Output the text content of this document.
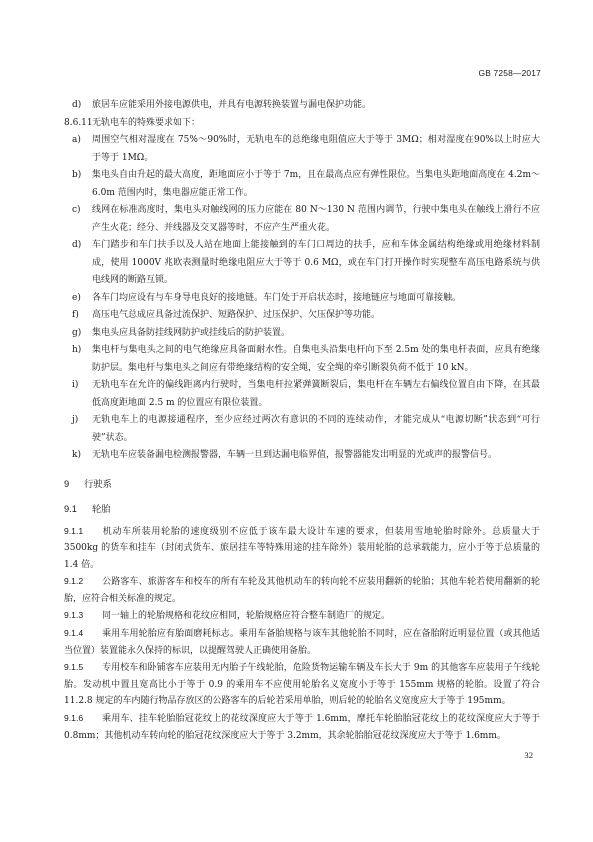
GB 7258—2017
d) 旅居车应能采用外接电源供电，并具有电源转换装置与漏电保护功能。
8.6.11 无轨电车的特殊要求如下：
a) 周围空气相对湿度在 75%～90%时，无轨电车的总绝缘电阻值应大于等于 3MΩ；相对湿度在90%以上时应大于等于 1MΩ。
b) 集电头自由升起的最大高度，距地面应小于等于 7m，且在最高点应有弹性限位。当集电头距地面高度在 4.2m～6.0m 范围内时，集电器应能正常工作。
c) 线网在标准高度时，集电头对触线网的压力应能在 80 N～130 N 范围内调节，行驶中集电头在触线上滑行不应产生火花；经分、并线器及交叉器等时，不应产生严重火花。
d) 车门踏步和车门扶手以及人站在地面上能接触到的车门口周边的扶手，应和车体金属结构绝缘或用绝缘材料制成，使用 1000V 兆欧表测量时绝缘电阻应大于等于 0.6 MΩ，或在车门打开操作时实现整车高压电路系统与供电线网的断路互锁。
e) 各车门均应设有与车身导电良好的接地链。车门处于开启状态时，接地链应与地面可靠接触。
f) 高压电气总成应具备过流保护、短路保护、过压保护、欠压保护等功能。
g) 集电头应具备防挂线网防护或挂线后的防护装置。
h) 集电杆与集电头之间的电气绝缘应具备面耐水性。自集电头沿集电杆向下至 2.5m 处的集电杆表面，应具有绝缘防护层。集电杆与集电头之间应有带绝缘结构的安全绳，安全绳的牵引断裂负荷不低于 10 kN。
i) 无轨电车在允许的偏线距离内行驶时，当集电杆拉紧弹簧断裂后，集电杆在车辆左右偏线位置自由下降，在其最低高度距地面 2.5 m 的位置应有限位装置。
j) 无轨电车上的电源接通程序，至少应经过两次有意识的不同的连续动作，才能完成从“电源切断”状态到“可行驶”状态。
k) 无轨电车应装备漏电检测报警器，车辆一旦到达漏电临界值，报警器能发出明显的光或声的报警信号。
9 行驶系
9.1 轮胎
9.1.1 机动车所装用轮胎的速度级别不应低于该车最大设计车速的要求，但装用雪地轮胎时除外。总质量大于 3500kg 的货车和挂车（封闭式货车、旅居挂车等特殊用途的挂车除外）装用轮胎的总承载能力，应小于等于总质量的 1.4 倍。
9.1.2 公路客车、旅游客车和校车的所有车轮及其他机动车的转向轮不应装用翻新的轮胎；其他车轮若使用翻新的轮胎，应符合相关标准的规定。
9.1.3 同一轴上的轮胎规格和花纹应相同，轮胎规格应符合整车制造厂的规定。
9.1.4 乘用车用轮胎应有胎面磨耗标志。乘用车备胎规格与该车其他轮胎不同时，应在备胎附近明显位置（或其他适当位置）装置能永久保持的标识，以提醒驾驶人正确使用备胎。
9.1.5 专用校车和卧铺客车应装用无内胎子午线轮胎，危险货物运输车辆及车长大于 9m 的其他客车应装用子午线轮胎。发动机中置且宽高比小于等于 0.9 的乘用车不应使用轮胎名义宽度小于等于 155mm 规格的轮胎。设置了符合 11.2.8 规定的车内随行物品存放区的公路客车的后轮若采用单胎，则后轮的轮胎名义宽度应大于等于 195mm。
9.1.6 乘用车、挂车轮胎胎冠花纹上的花纹深度应大于等于 1.6mm，摩托车轮胎胎冠花纹上的花纹深度应大于等于 0.8mm；其他机动车转向轮的胎冠花纹深度应大于等于 3.2mm，其余轮胎胎冠花纹深度应大于等于 1.6mm。
32
